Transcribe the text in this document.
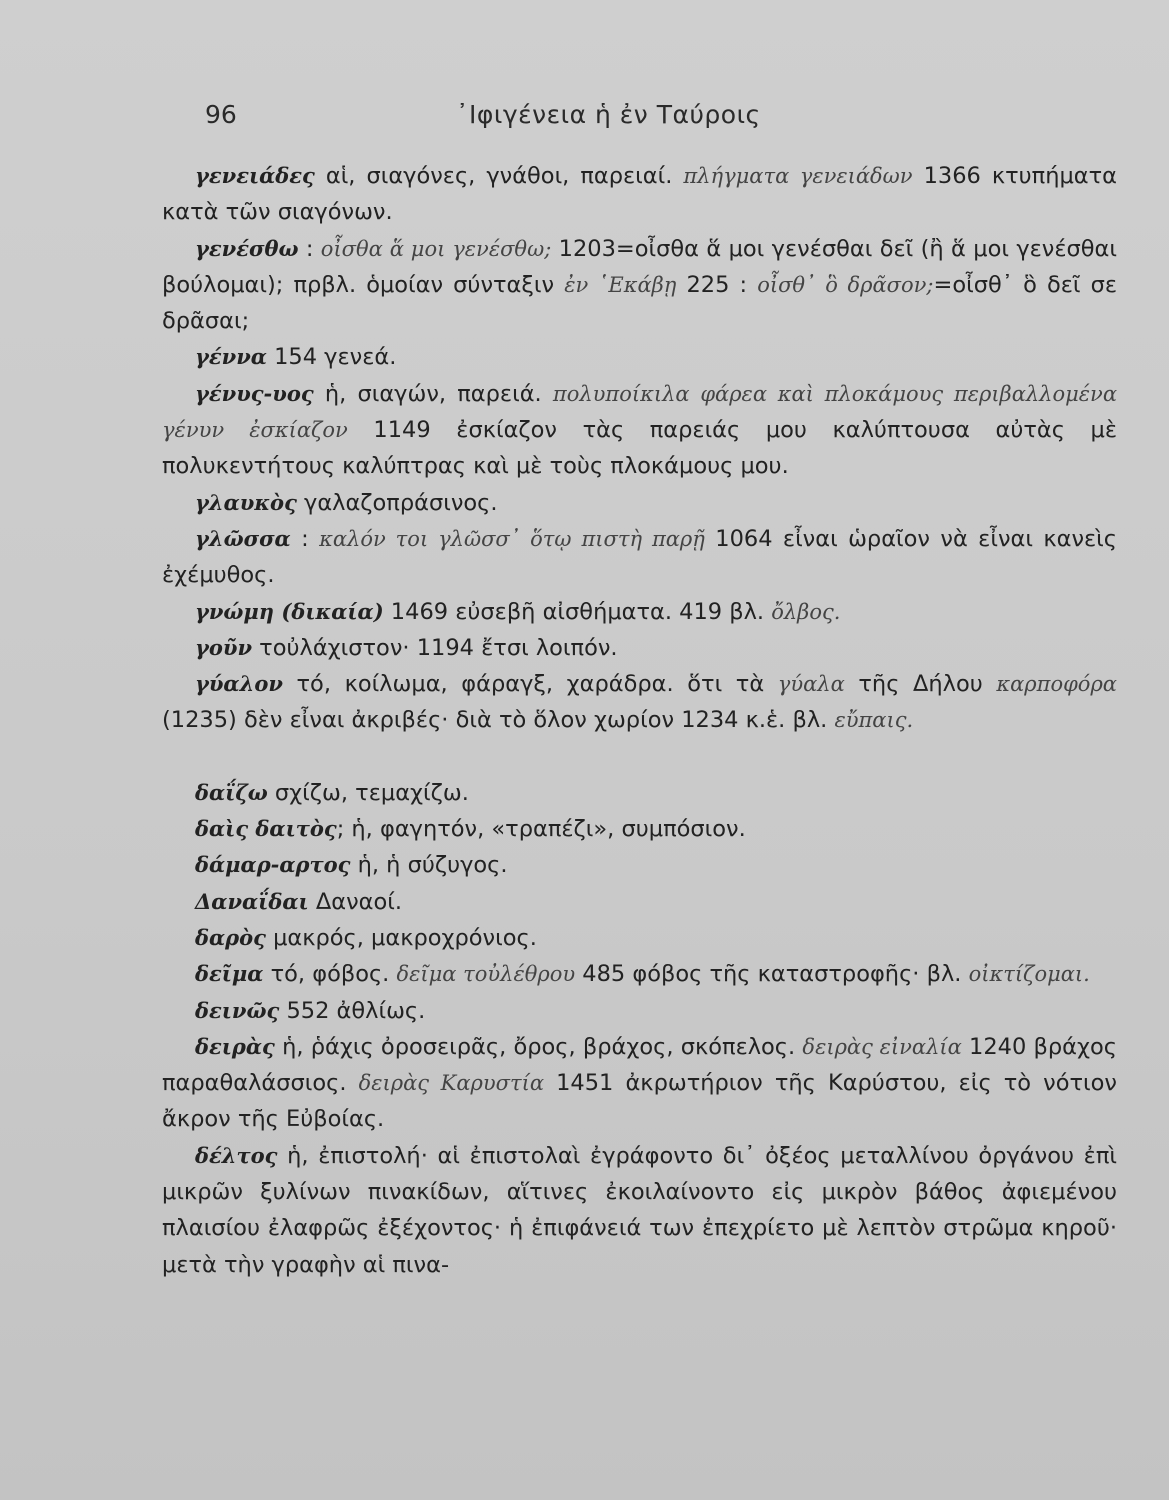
96	᾽Ιφιγένεια ἡ ἐν Ταύροις

γενειάδες αἱ, σιαγόνες, γνάθοι, παρειαί. πλήγματα γενειάδων 1366 κτυπήματα κατὰ τῶν σιαγόνων.

γενέσθω : οἶσθα ἅ μοι γενέσθω; 1203=οἶσθα ἅ μοι γενέσθαι δεῖ (ἢ ἅ μοι γενέσθαι βούλομαι); πρβλ. ὁμοίαν σύνταξιν ἐν ῾Εκάβῃ 225 : οἶσθ᾽ ὃ δρᾶσον;=οἶσθ᾽ ὃ δεῖ σε δρᾶσαι;

γέννα 154 γενεά.

γένυς-υος ἡ, σιαγών, παρειά. πολυποίκιλα φάρεα καὶ πλοκάμους περιβαλλομένα γένυν ἐσκίαζον 1149 ἐσκίαζον τὰς παρειάς μου καλύπτουσα αὐτὰς μὲ πολυκεντήτους καλύπτρας καὶ μὲ τοὺς πλοκάμους μου.

γλαυκὸς γαλαζοπράσινος.

γλῶσσα : καλόν τοι γλῶσσ᾽ ὅτῳ πιστὴ παρῇ 1064 εἶναι ὡραῖον νὰ εἶναι κανεὶς ἐχέμυθος.

γνώμη (δικαία) 1469 εὐσεβῆ αἰσθήματα. 419 βλ. ὄλβος.

γοῦν τοὐλάχιστον· 1194 ἔτσι λοιπόν.

γύαλον τό, κοίλωμα, φάραγξ, χαράδρα. ὅτι τὰ γύαλα τῆς Δήλου καρποφόρα (1235) δὲν εἶναι ἀκριβές· διὰ τὸ ὅλον χωρίον 1234 κ.ἑ. βλ. εὔπαις.

δαΐζω σχίζω, τεμαχίζω.

δαὶς δαιτὸς; ἡ, φαγητόν, «τραπέζι», συμπόσιον.

δάμαρ-αρτος ἡ, ἡ σύζυγος.

Δαναΐδαι Δαναοί.

δαρὸς μακρός, μακροχρόνιος.

δεῖμα τό, φόβος. δεῖμα τοὐλέθρου 485 φόβος τῆς καταστροφῆς· βλ. οἰκτίζομαι.

δεινῶς 552 ἀθλίως.

δειρὰς ἡ, ῥάχις ὀροσειρᾶς, ὄρος, βράχος, σκόπελος. δειρὰς εἰναλία 1240 βράχος παραθαλάσσιος. δειρὰς Καρυστία 1451 ἀκρωτήριον τῆς Καρύστου, εἰς τὸ νότιον ἄκρον τῆς Εὐβοίας.

δέλτος ἡ, ἐπιστολή· αἱ ἐπιστολαὶ ἐγράφοντο δι᾽ ὀξέος μεταλλίνου ὀργάνου ἐπὶ μικρῶν ξυλίνων πινακίδων, αἵτινες ἐκοιλαίνοντο εἰς μικρὸν βάθος ἀφιεμένου πλαισίου ἐλαφρῶς ἐξέχοντος· ἡ ἐπιφάνειά των ἐπεχρίετο μὲ λεπτὸν στρῶμα κηροῦ· μετὰ τὴν γραφὴν αἱ πινα-
